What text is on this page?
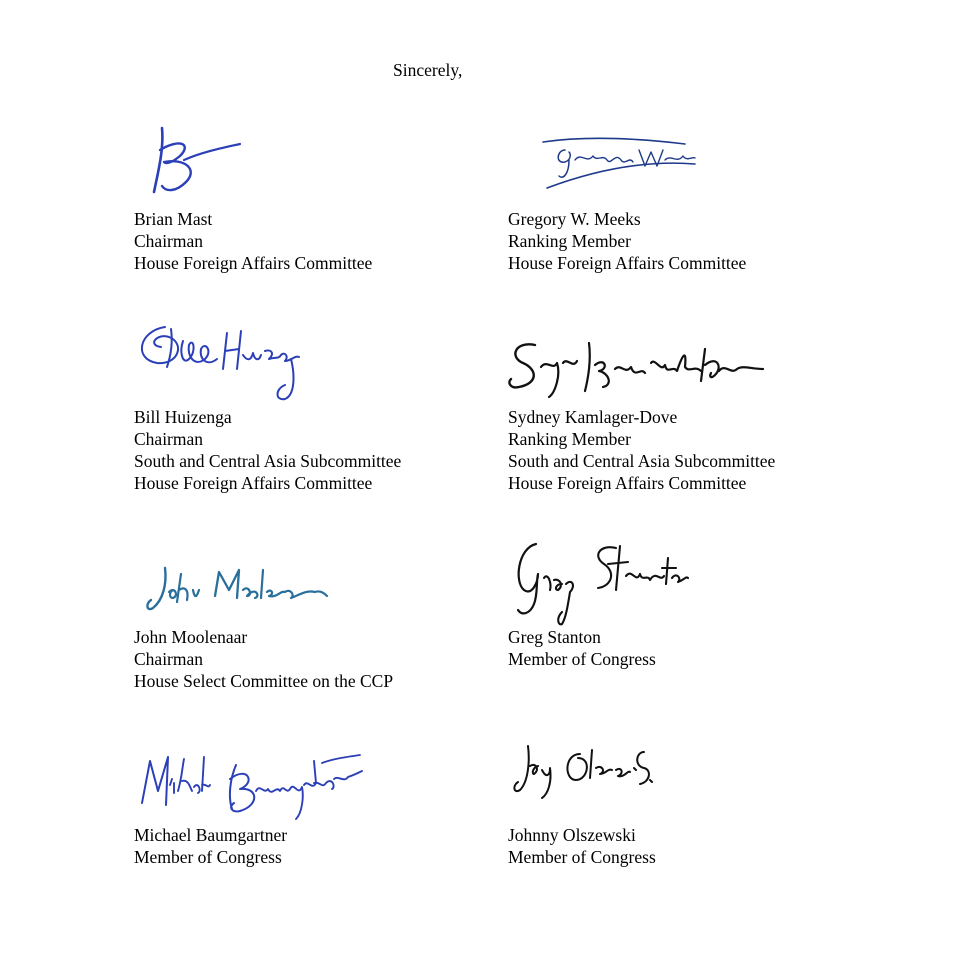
Sincerely,

Brian Mast
Chairman
House Foreign Affairs Committee
Gregory W. Meeks
Ranking Member
House Foreign Affairs Committee
Bill Huizenga
Chairman
South and Central Asia Subcommittee
House Foreign Affairs Committee
Sydney Kamlager-Dove
Ranking Member
South and Central Asia Subcommittee
House Foreign Affairs Committee
John Moolenaar
Chairman
House Select Committee on the CCP
Greg Stanton
Member of Congress
Michael Baumgartner
Member of Congress
Johnny Olszewski
Member of Congress
